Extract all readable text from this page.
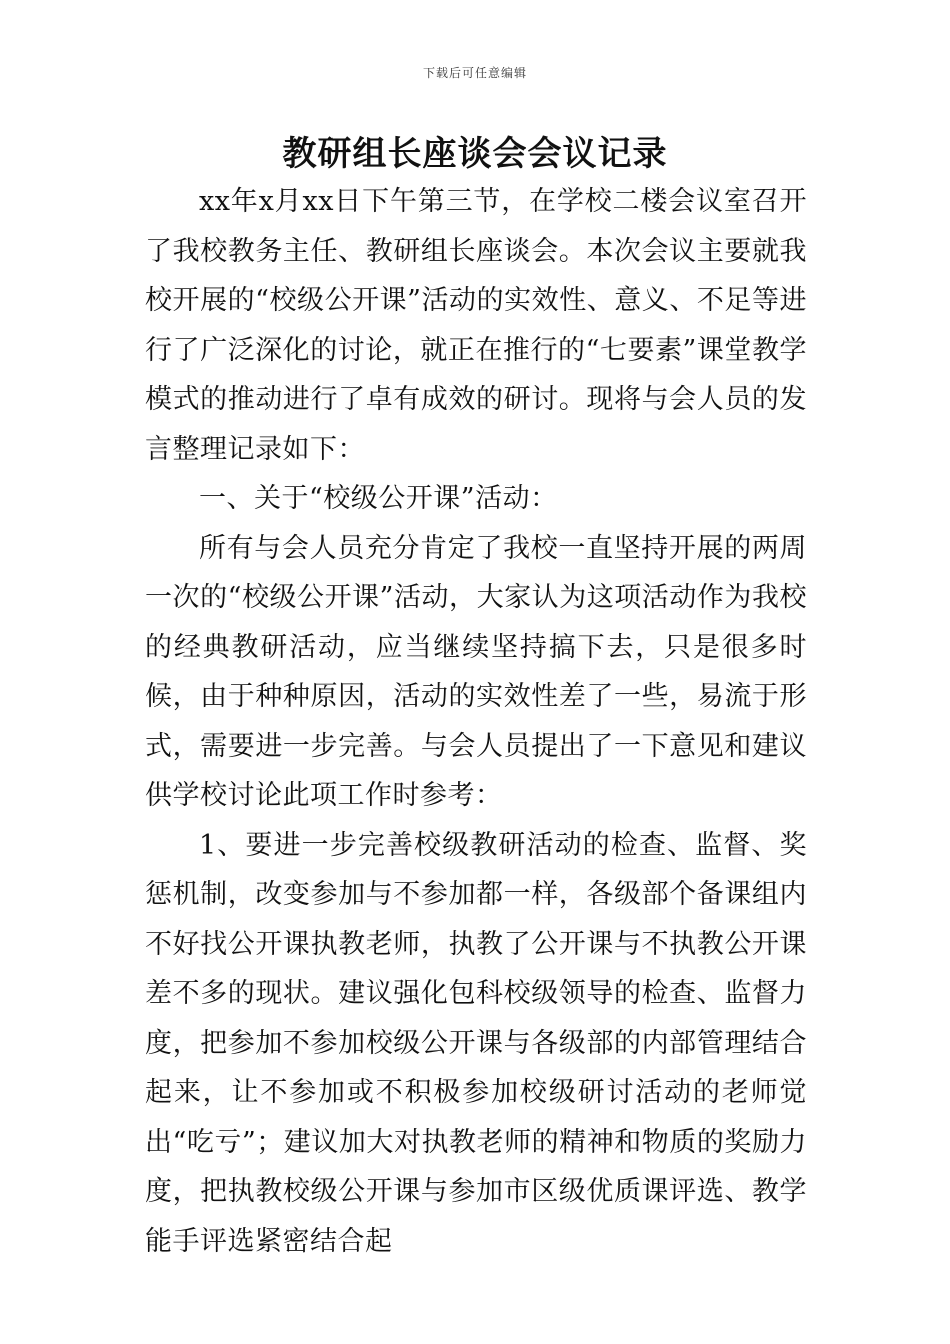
下载后可任意编辑
教研组长座谈会会议记录

xx年x月xx日下午第三节，在学校二楼会议室召开了我校教务主任、教研组长座谈会。本次会议主要就我校开展的“校级公开课”活动的实效性、意义、不足等进行了广泛深化的讨论，就正在推行的“七要素”课堂教学模式的推动进行了卓有成效的研讨。现将与会人员的发言整理记录如下：

一、关于“校级公开课”活动：

所有与会人员充分肯定了我校一直坚持开展的两周一次的“校级公开课”活动，大家认为这项活动作为我校的经典教研活动，应当继续坚持搞下去，只是很多时候，由于种种原因，活动的实效性差了一些，易流于形式，需要进一步完善。与会人员提出了一下意见和建议供学校讨论此项工作时参考：

1、要进一步完善校级教研活动的检查、监督、奖惩机制，改变参加与不参加都一样，各级部个备课组内不好找公开课执教老师，执教了公开课与不执教公开课差不多的现状。建议强化包科校级领导的检查、监督力度，把参加不参加校级公开课与各级部的内部管理结合起来，让不参加或不积极参加校级研讨活动的老师觉出“吃亏”；建议加大对执教老师的精神和物质的奖励力度，把执教校级公开课与参加市区级优质课评选、教学能手评选紧密结合起
